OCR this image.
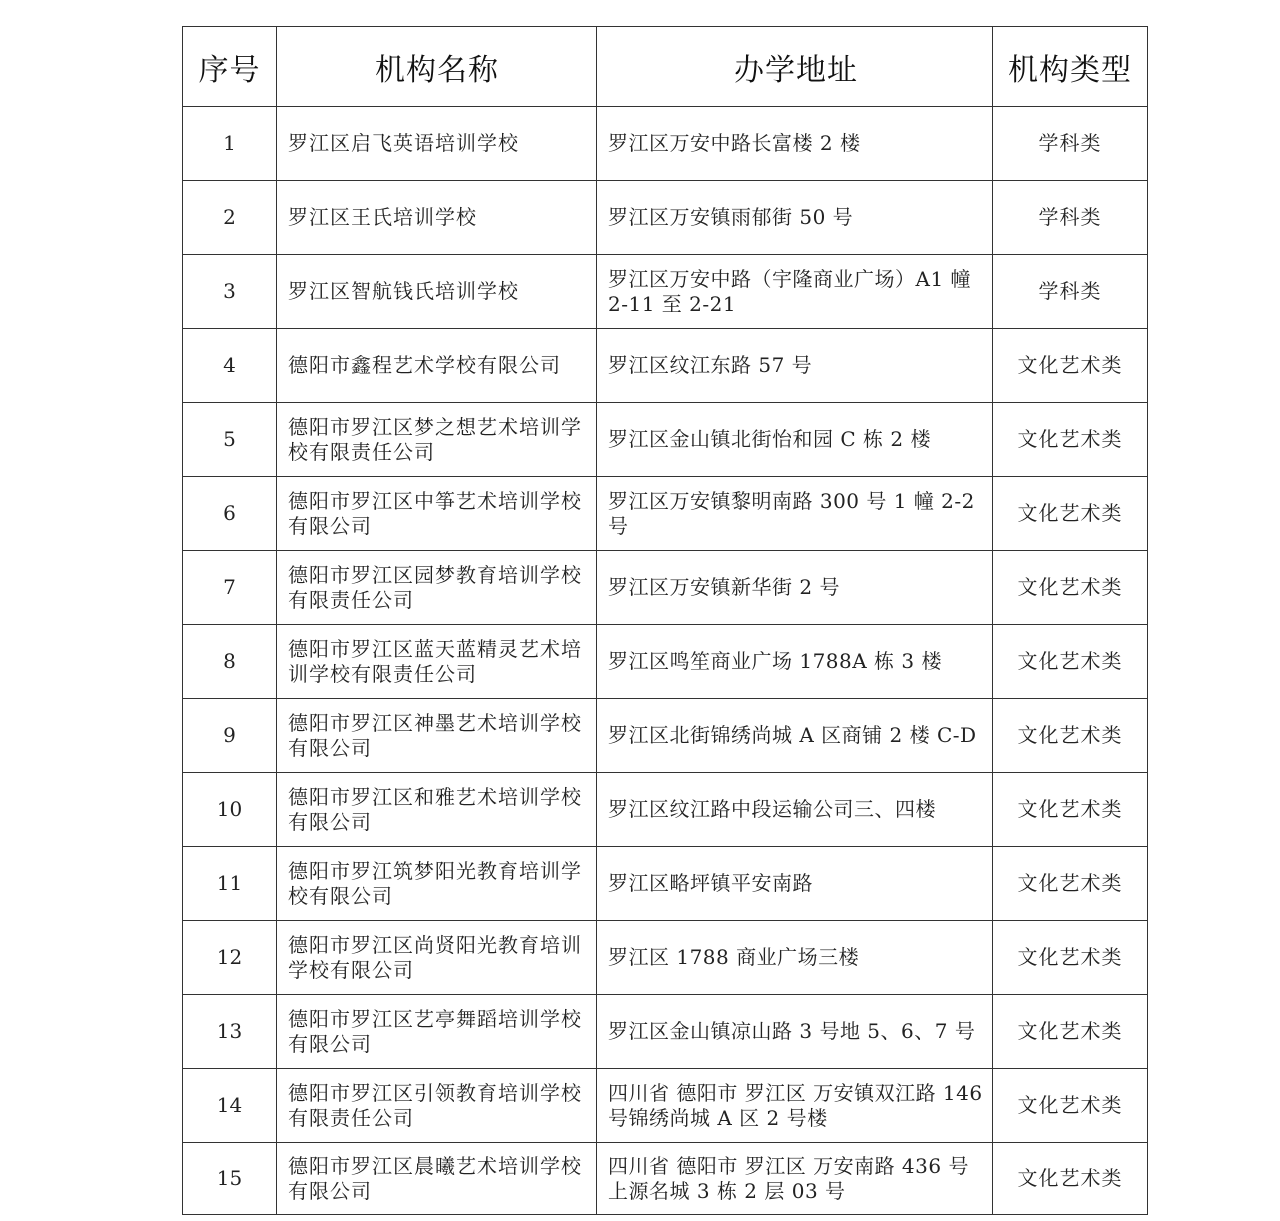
序号	机构名称	办学地址	机构类型

1	罗江区启飞英语培训学校	罗江区万安中路长富楼 2 楼	学科类

2	罗江区王氏培训学校	罗江区万安镇雨郁街 50 号	学科类

3	罗江区智航钱氏培训学校	罗江区万安中路（宇隆商业广场）A1 幢 2-11 至 2-21	学科类

4	德阳市鑫程艺术学校有限公司	罗江区纹江东路 57 号	文化艺术类

5	德阳市罗江区梦之想艺术培训学校有限责任公司	罗江区金山镇北街怡和园 C 栋 2 楼	文化艺术类

6	德阳市罗江区中筝艺术培训学校有限公司	罗江区万安镇黎明南路 300 号 1 幢 2-2 号	文化艺术类

7	德阳市罗江区园梦教育培训学校有限责任公司	罗江区万安镇新华街 2 号	文化艺术类

8	德阳市罗江区蓝天蓝精灵艺术培训学校有限责任公司	罗江区鸣笙商业广场 1788A 栋 3 楼	文化艺术类

9	德阳市罗江区神墨艺术培训学校有限公司	罗江区北街锦绣尚城 A 区商铺 2 楼 C-D	文化艺术类

10	德阳市罗江区和雅艺术培训学校有限公司	罗江区纹江路中段运输公司三、四楼	文化艺术类

11	德阳市罗江筑梦阳光教育培训学校有限公司	罗江区略坪镇平安南路	文化艺术类

12	德阳市罗江区尚贤阳光教育培训学校有限公司	罗江区 1788 商业广场三楼	文化艺术类

13	德阳市罗江区艺亭舞蹈培训学校有限公司	罗江区金山镇凉山路 3 号地 5、6、7 号	文化艺术类

14	德阳市罗江区引领教育培训学校有限责任公司	四川省 德阳市 罗江区 万安镇双江路 146 号锦绣尚城 A 区 2 号楼	文化艺术类

15	德阳市罗江区晨曦艺术培训学校有限公司	四川省 德阳市 罗江区 万安南路 436 号上源名城 3 栋 2 层 03 号	文化艺术类
